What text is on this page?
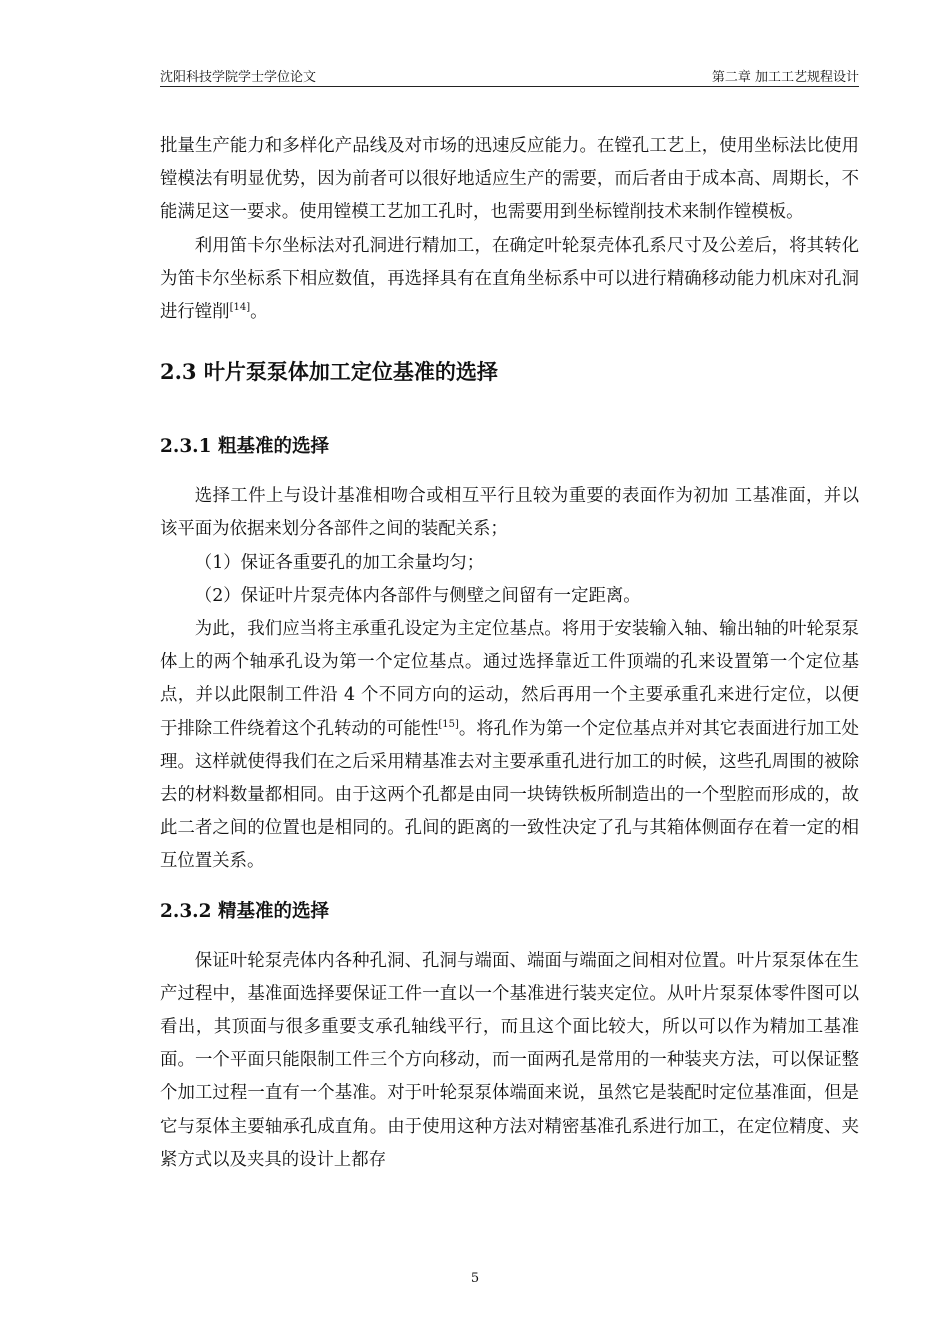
沈阳科技学院学士学位论文	第二章 加工工艺规程设计

批量生产能力和多样化产品线及对市场的迅速反应能力。在镗孔工艺上，使用坐标法比使用镗模法有明显优势，因为前者可以很好地适应生产的需要，而后者由于成本高、周期长，不能满足这一要求。使用镗模工艺加工孔时，也需要用到坐标镗削技术来制作镗模板。

利用笛卡尔坐标法对孔洞进行精加工，在确定叶轮泵壳体孔系尺寸及公差后，将其转化为笛卡尔坐标系下相应数值，再选择具有在直角坐标系中可以进行精确移动能力机床对孔洞进行镗削[14]。

2.3 叶片泵泵体加工定位基准的选择
2.3.1 粗基准的选择

选择工件上与设计基准相吻合或相互平行且较为重要的表面作为初加 工基准面，并以该平面为依据来划分各部件之间的装配关系；

（1）保证各重要孔的加工余量均匀；

（2）保证叶片泵壳体内各部件与侧壁之间留有一定距离。

为此，我们应当将主承重孔设定为主定位基点。将用于安装输入轴、输出轴的叶轮泵泵体上的两个轴承孔设为第一个定位基点。通过选择靠近工件顶端的孔来设置第一个定位基点，并以此限制工件沿 4 个不同方向的运动，然后再用一个主要承重孔来进行定位，以便于排除工件绕着这个孔转动的可能性[15]。将孔作为第一个定位基点并对其它表面进行加工处理。这样就使得我们在之后采用精基准去对主要承重孔进行加工的时候，这些孔周围的被除去的材料数量都相同。由于这两个孔都是由同一块铸铁板所制造出的一个型腔而形成的，故此二者之间的位置也是相同的。孔间的距离的一致性决定了孔与其箱体侧面存在着一定的相互位置关系。

2.3.2 精基准的选择

保证叶轮泵壳体内各种孔洞、孔洞与端面、端面与端面之间相对位置。叶片泵泵体在生产过程中，基准面选择要保证工件一直以一个基准进行装夹定位。从叶片泵泵体零件图可以看出，其顶面与很多重要支承孔轴线平行，而且这个面比较大，所以可以作为精加工基准面。一个平面只能限制工件三个方向移动，而一面两孔是常用的一种装夹方法，可以保证整个加工过程一直有一个基准。对于叶轮泵泵体端面来说，虽然它是装配时定位基准面，但是它与泵体主要轴承孔成直角。由于使用这种方法对精密基准孔系进行加工，在定位精度、夹紧方式以及夹具的设计上都存

5
